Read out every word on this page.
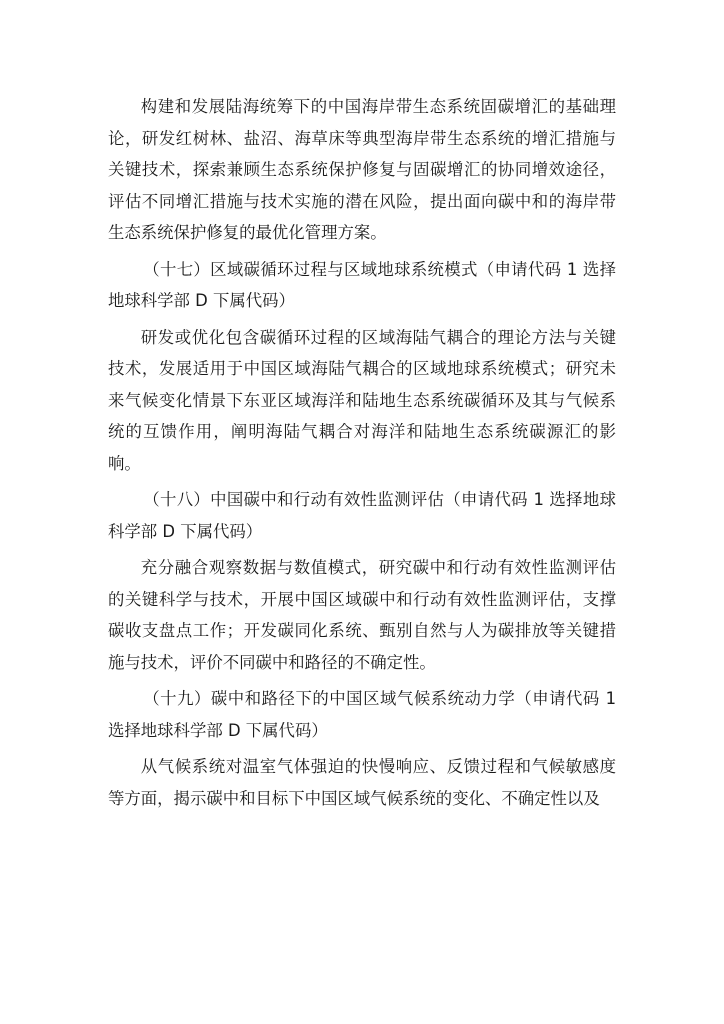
构建和发展陆海统筹下的中国海岸带生态系统固碳增汇的基础理论，研发红树林、盐沼、海草床等典型海岸带生态系统的增汇措施与关键技术，探索兼顾生态系统保护修复与固碳增汇的协同增效途径，评估不同增汇措施与技术实施的潜在风险，提出面向碳中和的海岸带生态系统保护修复的最优化管理方案。

（十七）区域碳循环过程与区域地球系统模式（申请代码 1 选择地球科学部 D 下属代码）

研发或优化包含碳循环过程的区域海陆气耦合的理论方法与关键技术，发展适用于中国区域海陆气耦合的区域地球系统模式；研究未来气候变化情景下东亚区域海洋和陆地生态系统碳循环及其与气候系统的互馈作用，阐明海陆气耦合对海洋和陆地生态系统碳源汇的影响。

（十八）中国碳中和行动有效性监测评估（申请代码 1 选择地球科学部 D 下属代码）

充分融合观察数据与数值模式，研究碳中和行动有效性监测评估的关键科学与技术，开展中国区域碳中和行动有效性监测评估，支撑碳收支盘点工作；开发碳同化系统、甄别自然与人为碳排放等关键措施与技术，评价不同碳中和路径的不确定性。

（十九）碳中和路径下的中国区域气候系统动力学（申请代码 1 选择地球科学部 D 下属代码）

从气候系统对温室气体强迫的快慢响应、反馈过程和气候敏感度等方面，揭示碳中和目标下中国区域气候系统的变化、不确定性以及
